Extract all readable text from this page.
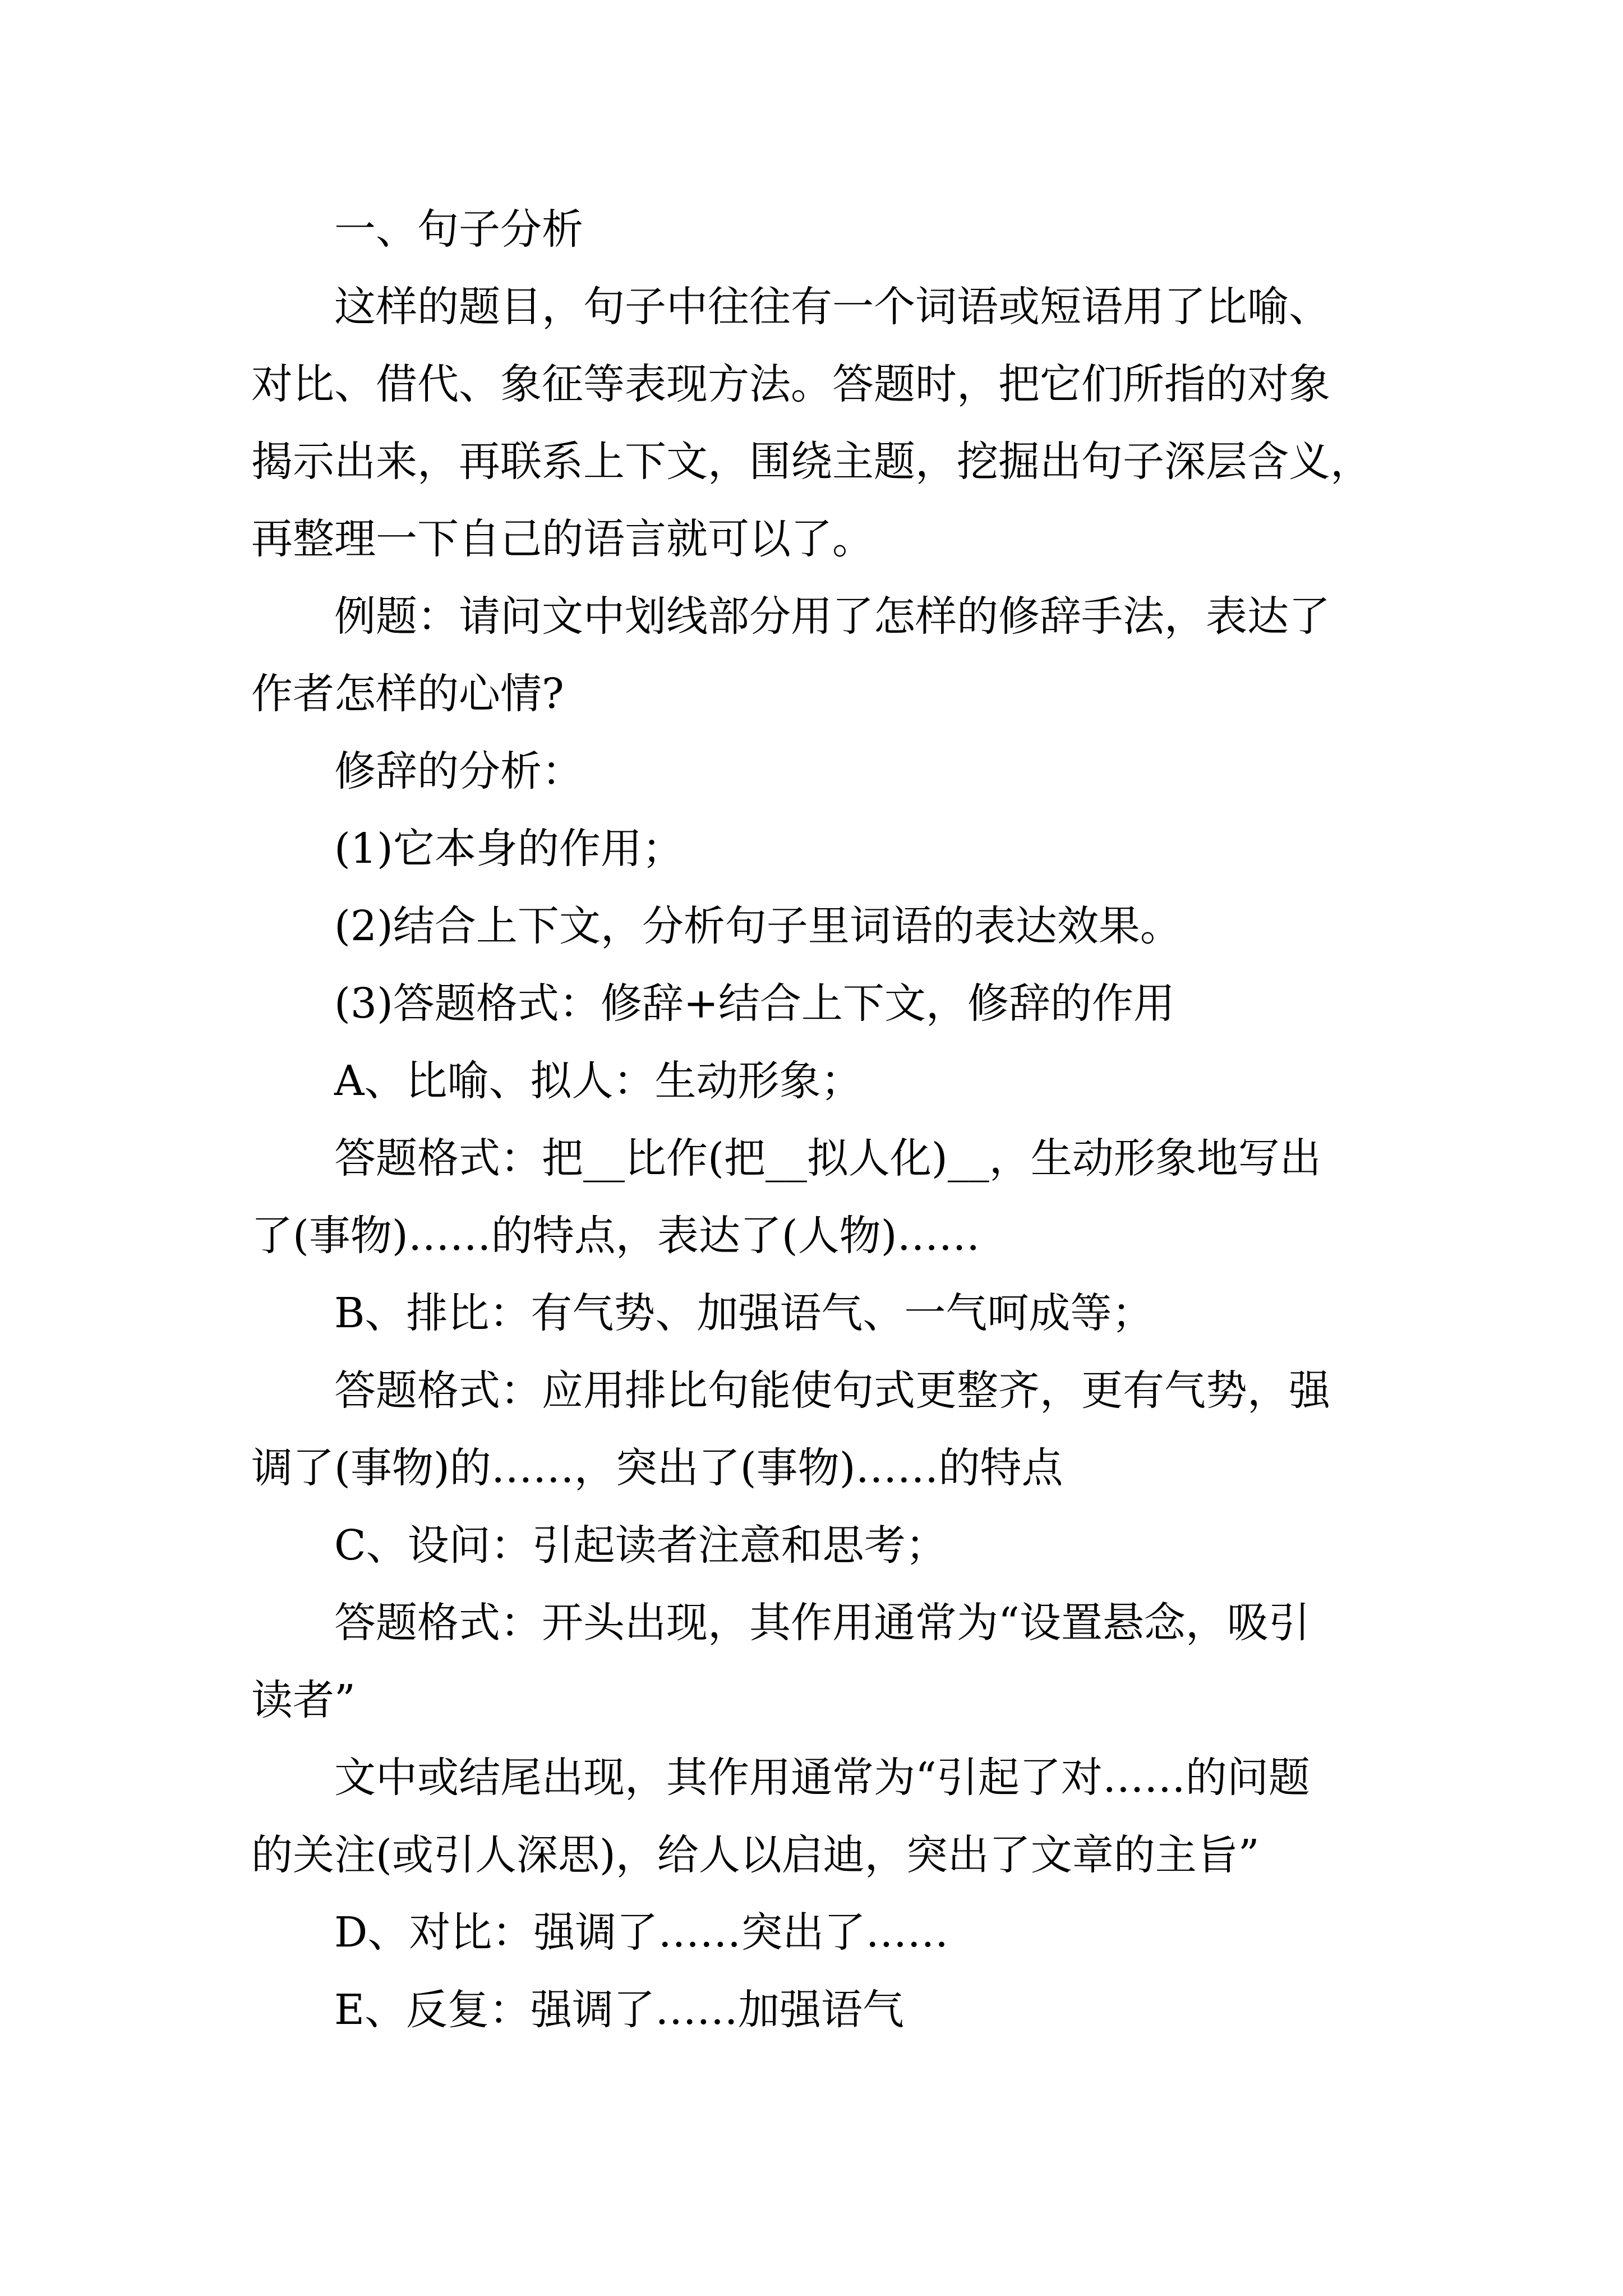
一、句子分析

这样的题目，句子中往往有一个词语或短语用了比喻、
对比、借代、象征等表现方法。答题时，把它们所指的对象
揭示出来，再联系上下文，围绕主题，挖掘出句子深层含义，
再整理一下自己的语言就可以了。

例题：请问文中划线部分用了怎样的修辞手法，表达了
作者怎样的心情?

修辞的分析：

(1)它本身的作用；

(2)结合上下文，分析句子里词语的表达效果。

(3)答题格式：修辞+结合上下文，修辞的作用

A、比喻、拟人：生动形象；

答题格式：把__比作(把__拟人化)__，生动形象地写出
了(事物)……的特点，表达了(人物)……

B、排比：有气势、加强语气、一气呵成等；

答题格式：应用排比句能使句式更整齐，更有气势，强
调了(事物)的……，突出了(事物)……的特点

C、设问：引起读者注意和思考；

答题格式：开头出现，其作用通常为“设置悬念，吸引
读者”

文中或结尾出现，其作用通常为“引起了对……的问题
的关注(或引人深思)，给人以启迪，突出了文章的主旨”

D、对比：强调了……突出了……

E、反复：强调了……加强语气
